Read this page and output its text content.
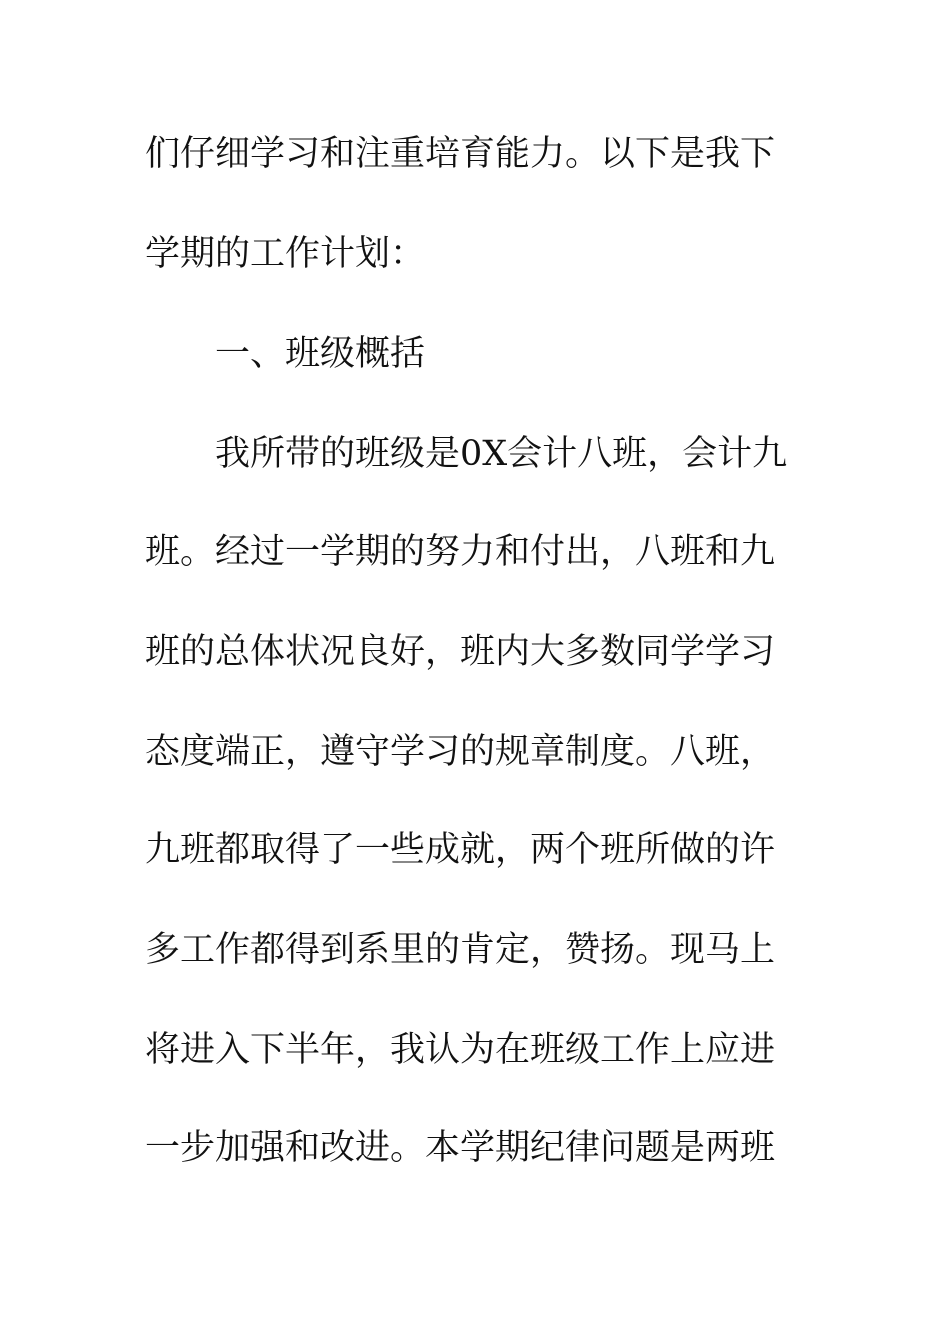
们仔细学习和注重培育能力。以下是我下
学期的工作计划：
一、班级概括
我所带的班级是0X会计八班，会计九
班。经过一学期的努力和付出，八班和九
班的总体状况良好，班内大多数同学学习
态度端正，遵守学习的规章制度。八班，
九班都取得了一些成就，两个班所做的许
多工作都得到系里的肯定，赞扬。现马上
将进入下半年，我认为在班级工作上应进
一步加强和改进。本学期纪律问题是两班
